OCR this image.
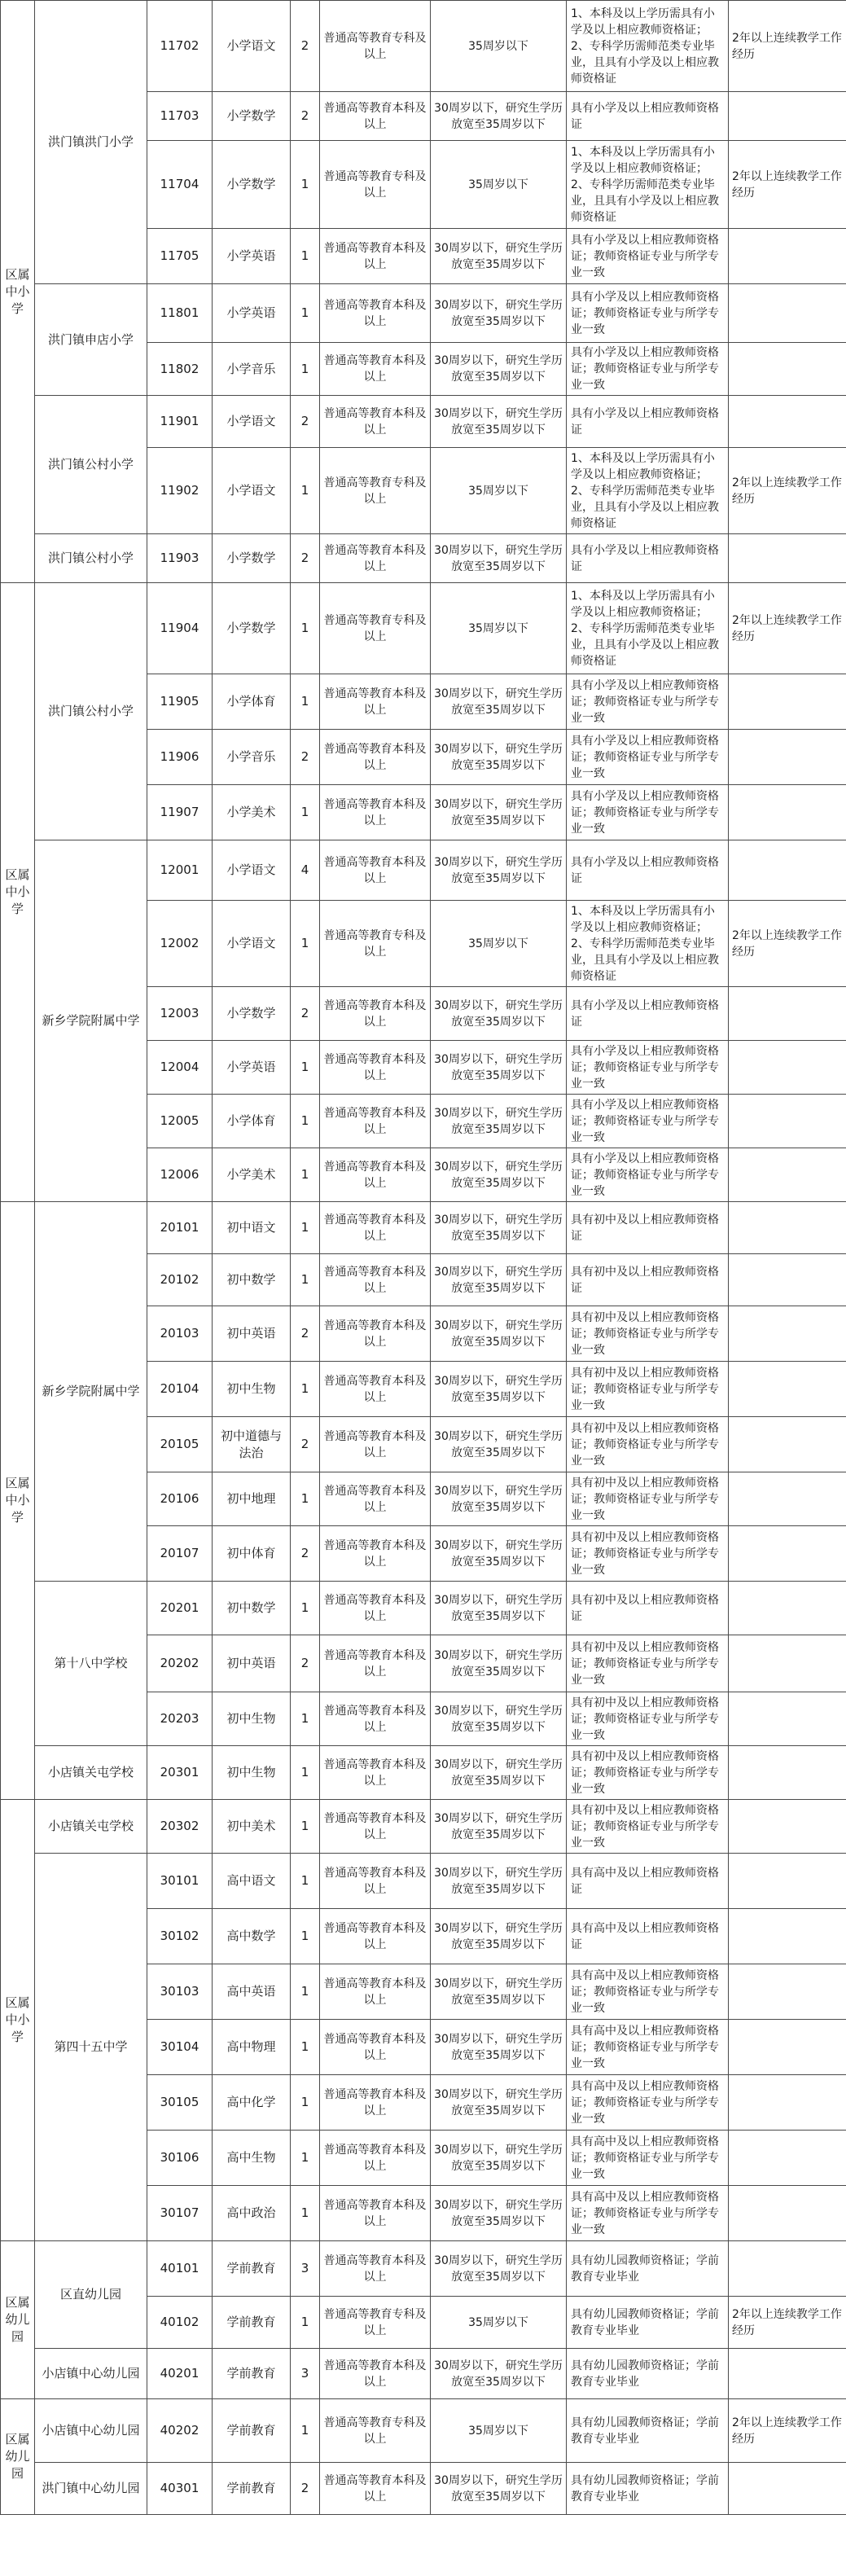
区属中小学	洪门镇洪门小学	11702	小学语文	2	普通高等教育专科及以上	35周岁以下	1、本科及以上学历需具有小学及以上相应教师资格证；2、专科学历需师范类专业毕业，且具有小学及以上相应教师资格证	2年以上连续教学工作经历
		11703	小学数学	2	普通高等教育本科及以上	30周岁以下，研究生学历放宽至35周岁以下	具有小学及以上相应教师资格证	
		11704	小学数学	1	普通高等教育专科及以上	35周岁以下	1、本科及以上学历需具有小学及以上相应教师资格证；2、专科学历需师范类专业毕业，且具有小学及以上相应教师资格证	2年以上连续教学工作经历
		11705	小学英语	1	普通高等教育本科及以上	30周岁以下，研究生学历放宽至35周岁以下	具有小学及以上相应教师资格证；教师资格证专业与所学专业一致	
	洪门镇申店小学	11801	小学英语	1	普通高等教育本科及以上	30周岁以下，研究生学历放宽至35周岁以下	具有小学及以上相应教师资格证；教师资格证专业与所学专业一致	
		11802	小学音乐	1	普通高等教育本科及以上	30周岁以下，研究生学历放宽至35周岁以下	具有小学及以上相应教师资格证；教师资格证专业与所学专业一致	
	洪门镇公村小学	11901	小学语文	2	普通高等教育本科及以上	30周岁以下，研究生学历放宽至35周岁以下	具有小学及以上相应教师资格证	
		11902	小学语文	1	普通高等教育专科及以上	35周岁以下	1、本科及以上学历需具有小学及以上相应教师资格证；2、专科学历需师范类专业毕业，且具有小学及以上相应教师资格证	2年以上连续教学工作经历
	洪门镇公村小学	11903	小学数学	2	普通高等教育本科及以上	30周岁以下，研究生学历放宽至35周岁以下	具有小学及以上相应教师资格证	
区属中小学	洪门镇公村小学	11904	小学数学	1	普通高等教育专科及以上	35周岁以下	1、本科及以上学历需具有小学及以上相应教师资格证；2、专科学历需师范类专业毕业，且具有小学及以上相应教师资格证	2年以上连续教学工作经历
		11905	小学体育	1	普通高等教育本科及以上	30周岁以下，研究生学历放宽至35周岁以下	具有小学及以上相应教师资格证；教师资格证专业与所学专业一致	
		11906	小学音乐	2	普通高等教育本科及以上	30周岁以下，研究生学历放宽至35周岁以下	具有小学及以上相应教师资格证；教师资格证专业与所学专业一致	
		11907	小学美术	1	普通高等教育本科及以上	30周岁以下，研究生学历放宽至35周岁以下	具有小学及以上相应教师资格证；教师资格证专业与所学专业一致	
	新乡学院附属中学	12001	小学语文	4	普通高等教育本科及以上	30周岁以下，研究生学历放宽至35周岁以下	具有小学及以上相应教师资格证	
		12002	小学语文	1	普通高等教育专科及以上	35周岁以下	1、本科及以上学历需具有小学及以上相应教师资格证；2、专科学历需师范类专业毕业，且具有小学及以上相应教师资格证	2年以上连续教学工作经历
		12003	小学数学	2	普通高等教育本科及以上	30周岁以下，研究生学历放宽至35周岁以下	具有小学及以上相应教师资格证	
		12004	小学英语	1	普通高等教育本科及以上	30周岁以下，研究生学历放宽至35周岁以下	具有小学及以上相应教师资格证；教师资格证专业与所学专业一致	
		12005	小学体育	1	普通高等教育本科及以上	30周岁以下，研究生学历放宽至35周岁以下	具有小学及以上相应教师资格证；教师资格证专业与所学专业一致	
		12006	小学美术	1	普通高等教育本科及以上	30周岁以下，研究生学历放宽至35周岁以下	具有小学及以上相应教师资格证；教师资格证专业与所学专业一致	
区属中小学	新乡学院附属中学	20101	初中语文	1	普通高等教育本科及以上	30周岁以下，研究生学历放宽至35周岁以下	具有初中及以上相应教师资格证	
		20102	初中数学	1	普通高等教育本科及以上	30周岁以下，研究生学历放宽至35周岁以下	具有初中及以上相应教师资格证	
		20103	初中英语	2	普通高等教育本科及以上	30周岁以下，研究生学历放宽至35周岁以下	具有初中及以上相应教师资格证；教师资格证专业与所学专业一致	
		20104	初中生物	1	普通高等教育本科及以上	30周岁以下，研究生学历放宽至35周岁以下	具有初中及以上相应教师资格证；教师资格证专业与所学专业一致	
		20105	初中道德与法治	2	普通高等教育本科及以上	30周岁以下，研究生学历放宽至35周岁以下	具有初中及以上相应教师资格证；教师资格证专业与所学专业一致	
		20106	初中地理	1	普通高等教育本科及以上	30周岁以下，研究生学历放宽至35周岁以下	具有初中及以上相应教师资格证；教师资格证专业与所学专业一致	
		20107	初中体育	2	普通高等教育本科及以上	30周岁以下，研究生学历放宽至35周岁以下	具有初中及以上相应教师资格证；教师资格证专业与所学专业一致	
	第十八中学校	20201	初中数学	1	普通高等教育本科及以上	30周岁以下，研究生学历放宽至35周岁以下	具有初中及以上相应教师资格证	
		20202	初中英语	2	普通高等教育本科及以上	30周岁以下，研究生学历放宽至35周岁以下	具有初中及以上相应教师资格证；教师资格证专业与所学专业一致	
		20203	初中生物	1	普通高等教育本科及以上	30周岁以下，研究生学历放宽至35周岁以下	具有初中及以上相应教师资格证；教师资格证专业与所学专业一致	
	小店镇关屯学校	20301	初中生物	1	普通高等教育本科及以上	30周岁以下，研究生学历放宽至35周岁以下	具有初中及以上相应教师资格证；教师资格证专业与所学专业一致	
区属中小学	小店镇关屯学校	20302	初中美术	1	普通高等教育本科及以上	30周岁以下，研究生学历放宽至35周岁以下	具有初中及以上相应教师资格证；教师资格证专业与所学专业一致	
	第四十五中学	30101	高中语文	1	普通高等教育本科及以上	30周岁以下，研究生学历放宽至35周岁以下	具有高中及以上相应教师资格证	
		30102	高中数学	1	普通高等教育本科及以上	30周岁以下，研究生学历放宽至35周岁以下	具有高中及以上相应教师资格证	
		30103	高中英语	1	普通高等教育本科及以上	30周岁以下，研究生学历放宽至35周岁以下	具有高中及以上相应教师资格证；教师资格证专业与所学专业一致	
		30104	高中物理	1	普通高等教育本科及以上	30周岁以下，研究生学历放宽至35周岁以下	具有高中及以上相应教师资格证；教师资格证专业与所学专业一致	
		30105	高中化学	1	普通高等教育本科及以上	30周岁以下，研究生学历放宽至35周岁以下	具有高中及以上相应教师资格证；教师资格证专业与所学专业一致	
		30106	高中生物	1	普通高等教育本科及以上	30周岁以下，研究生学历放宽至35周岁以下	具有高中及以上相应教师资格证；教师资格证专业与所学专业一致	
		30107	高中政治	1	普通高等教育本科及以上	30周岁以下，研究生学历放宽至35周岁以下	具有高中及以上相应教师资格证；教师资格证专业与所学专业一致	
区属幼儿园	区直幼儿园	40101	学前教育	3	普通高等教育本科及以上	30周岁以下，研究生学历放宽至35周岁以下	具有幼儿园教师资格证；学前教育专业毕业	
		40102	学前教育	1	普通高等教育专科及以上	35周岁以下	具有幼儿园教师资格证；学前教育专业毕业	2年以上连续教学工作经历
	小店镇中心幼儿园	40201	学前教育	3	普通高等教育本科及以上	30周岁以下，研究生学历放宽至35周岁以下	具有幼儿园教师资格证；学前教育专业毕业	
区属幼儿园	小店镇中心幼儿园	40202	学前教育	1	普通高等教育专科及以上	35周岁以下	具有幼儿园教师资格证；学前教育专业毕业	2年以上连续教学工作经历
	洪门镇中心幼儿园	40301	学前教育	2	普通高等教育本科及以上	30周岁以下，研究生学历放宽至35周岁以下	具有幼儿园教师资格证；学前教育专业毕业	
